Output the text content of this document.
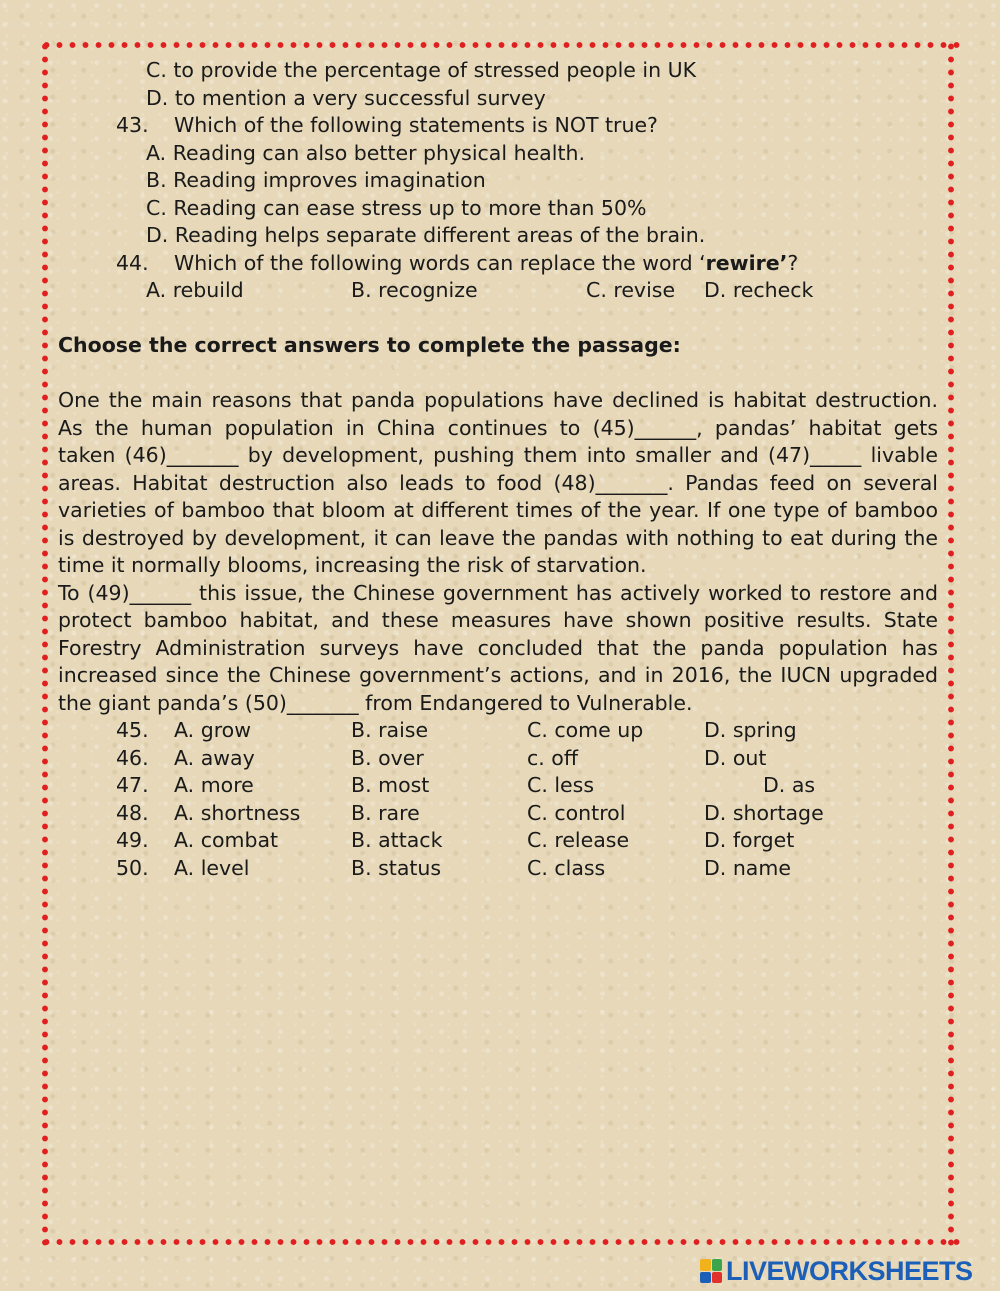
C. to provide the percentage of stressed people in UK
D. to mention a very successful survey
43. Which of the following statements is NOT true?
A. Reading can also better physical health.
B. Reading improves imagination
C. Reading can ease stress up to more than 50%
D. Reading helps separate different areas of the brain.
44. Which of the following words can replace the word ‘rewire’?
A. rebuild	B. recognize	C. revise D. recheck
Choose the correct answers to complete the passage:

One the main reasons that panda populations have declined is habitat destruction. As the human population in China continues to (45)______, pandas’ habitat gets taken (46)_______ by development, pushing them into smaller and (47)_____ livable areas. Habitat destruction also leads to food (48)_______. Pandas feed on several varieties of bamboo that bloom at different times of the year. If one type of bamboo is destroyed by development, it can leave the pandas with nothing to eat during the time it normally blooms, increasing the risk of starvation.

To (49)______ this issue, the Chinese government has actively worked to restore and protect bamboo habitat, and these measures have shown positive results. State Forestry Administration surveys have concluded that the panda population has increased since the Chinese government’s actions, and in 2016, the IUCN upgraded the giant panda’s (50)_______ from Endangered to Vulnerable.

45. A. grow	B. raise	C. come up	D. spring
46. A. away	B. over	c. off	D. out
47. A. more	B. most	C. less	D. as
48. A. shortness B. rare	C. control	D. shortage
49. A. combat	B. attack	C. release	D. forget
50. A. level	B. status	C. class	D. name
LIVEWORKSHEETS
